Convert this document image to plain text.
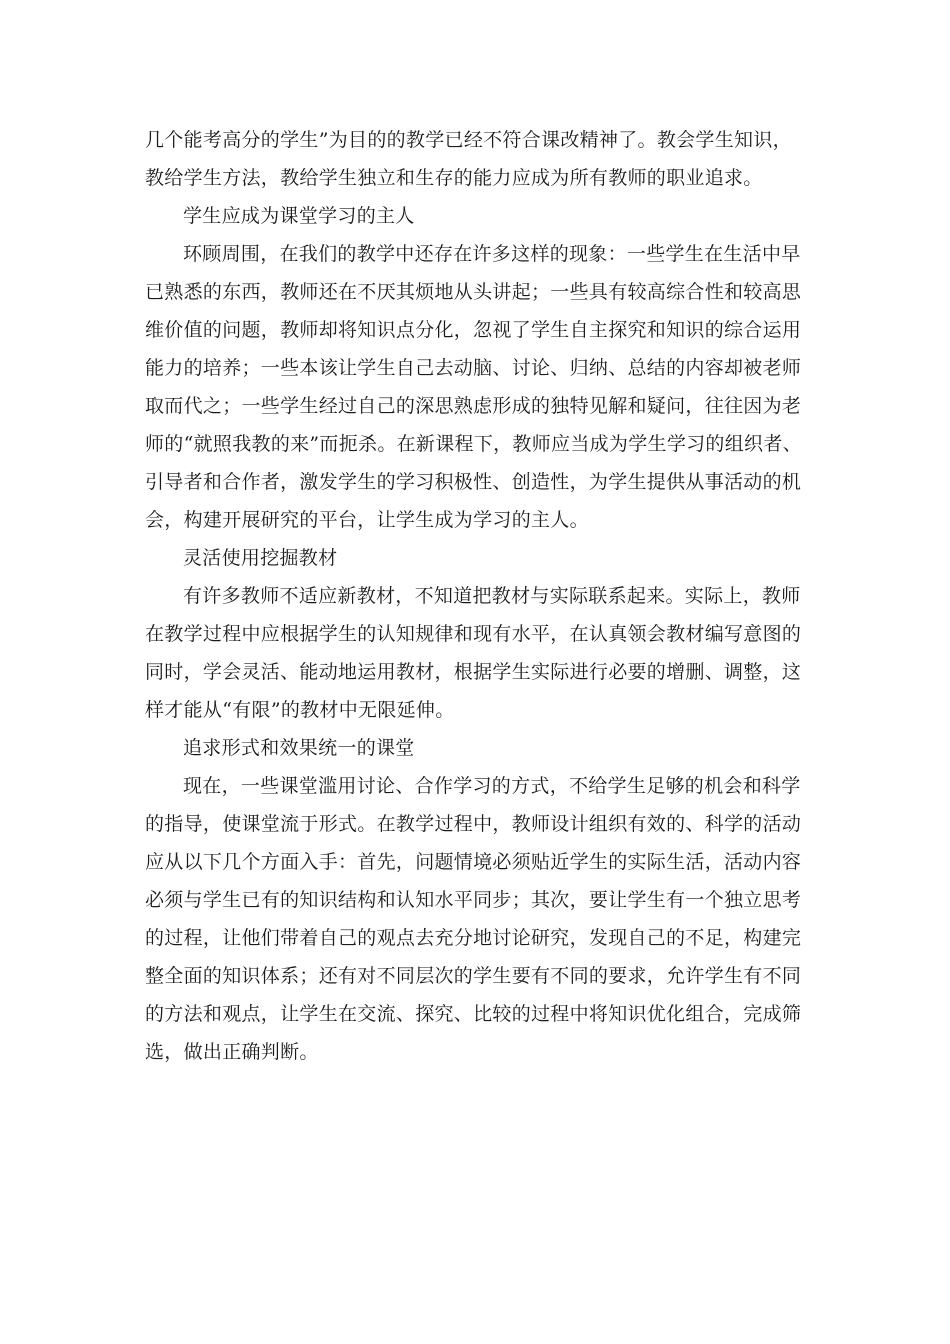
几个能考高分的学生”为目的的教学已经不符合课改精神了。教会学生知识，
教给学生方法，教给学生独立和生存的能力应成为所有教师的职业追求。
学生应成为课堂学习的主人
环顾周围，在我们的教学中还存在许多这样的现象：一些学生在生活中早
已熟悉的东西，教师还在不厌其烦地从头讲起；一些具有较高综合性和较高思
维价值的问题，教师却将知识点分化，忽视了学生自主探究和知识的综合运用
能力的培养；一些本该让学生自己去动脑、讨论、归纳、总结的内容却被老师
取而代之；一些学生经过自己的深思熟虑形成的独特见解和疑问，往往因为老
师的“就照我教的来”而扼杀。在新课程下，教师应当成为学生学习的组织者、
引导者和合作者，激发学生的学习积极性、创造性，为学生提供从事活动的机
会，构建开展研究的平台，让学生成为学习的主人。
灵活使用挖掘教材
有许多教师不适应新教材，不知道把教材与实际联系起来。实际上，教师
在教学过程中应根据学生的认知规律和现有水平，在认真领会教材编写意图的
同时，学会灵活、能动地运用教材，根据学生实际进行必要的增删、调整，这
样才能从“有限”的教材中无限延伸。
追求形式和效果统一的课堂
现在，一些课堂滥用讨论、合作学习的方式，不给学生足够的机会和科学
的指导，使课堂流于形式。在教学过程中，教师设计组织有效的、科学的活动
应从以下几个方面入手：首先，问题情境必须贴近学生的实际生活，活动内容
必须与学生已有的知识结构和认知水平同步；其次，要让学生有一个独立思考
的过程，让他们带着自己的观点去充分地讨论研究，发现自己的不足，构建完
整全面的知识体系；还有对不同层次的学生要有不同的要求，允许学生有不同
的方法和观点，让学生在交流、探究、比较的过程中将知识优化组合，完成筛
选，做出正确判断。
